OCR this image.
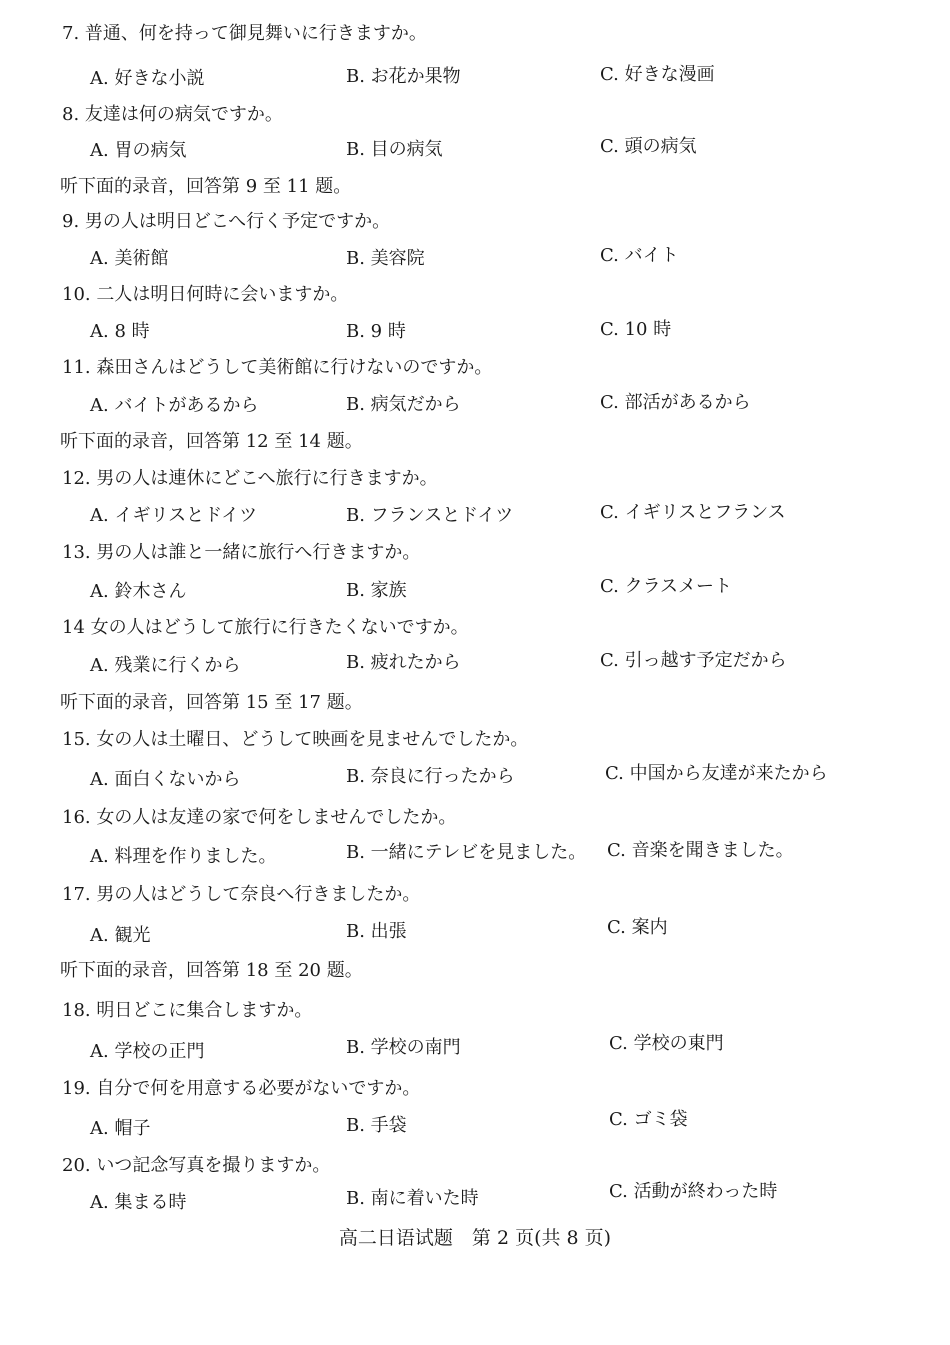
7. 普通、何を持って御見舞いに行きますか。
A. 好きな小説	B. お花か果物	C. 好きな漫画
8. 友達は何の病気ですか。
A. 胃の病気	B. 目の病気	C. 頭の病気
听下面的录音，回答第 9 至 11 题。
9. 男の人は明日どこへ行く予定ですか。
A. 美術館	B. 美容院	C. バイト
10. 二人は明日何時に会いますか。
A. 8 時	B. 9 時	C. 10 時
11. 森田さんはどうして美術館に行けないのですか。
A. バイトがあるから	B. 病気だから	C. 部活があるから
听下面的录音，回答第 12 至 14 题。
12. 男の人は連休にどこへ旅行に行きますか。
A. イギリスとドイツ	B. フランスとドイツ	C. イギリスとフランス
13. 男の人は誰と一緒に旅行へ行きますか。
A. 鈴木さん	B. 家族	C. クラスメート
14 女の人はどうして旅行に行きたくないですか。
A. 残業に行くから	B. 疲れたから	C. 引っ越す予定だから
听下面的录音，回答第 15 至 17 题。
15. 女の人は土曜日、どうして映画を見ませんでしたか。
A. 面白くないから	B. 奈良に行ったから	C. 中国から友達が来たから
16. 女の人は友達の家で何をしませんでしたか。
A. 料理を作りました。	B. 一緒にテレビを見ました。 C. 音楽を聞きました。
17. 男の人はどうして奈良へ行きましたか。
A. 観光	B. 出張	C. 案内
听下面的录音，回答第 18 至 20 题。
18. 明日どこに集合しますか。
A. 学校の正門	B. 学校の南門	C. 学校の東門
19. 自分で何を用意する必要がないですか。
A. 帽子	B. 手袋	C. ゴミ袋
20. いつ記念写真を撮りますか。
A. 集まる時	B. 南に着いた時	C. 活動が終わった時
高二日语试题　第 2 页(共 8 页)
